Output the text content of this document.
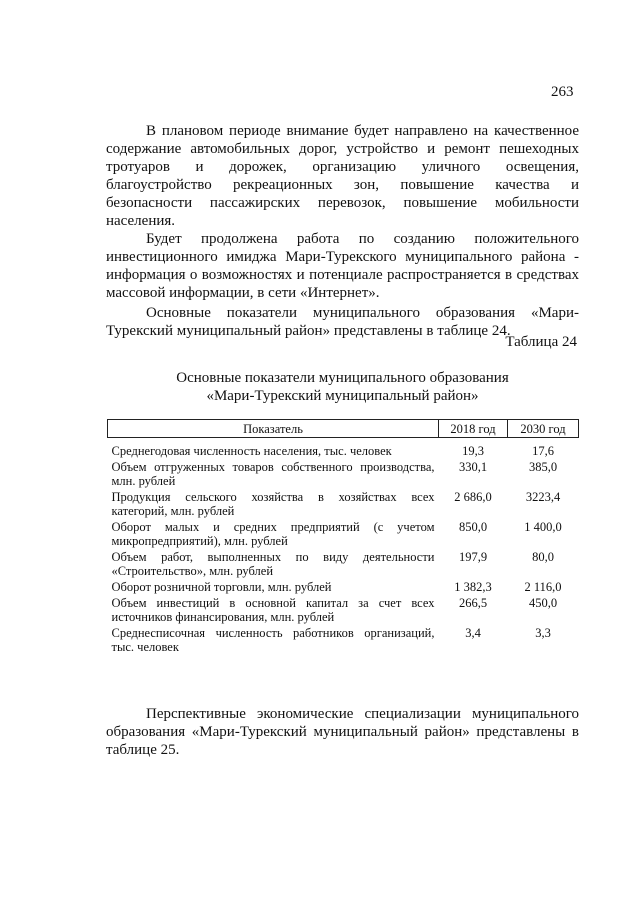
263

В плановом периоде внимание будет направлено на качественное содержание автомобильных дорог, устройство и ремонт пешеходных тротуаров и дорожек, организацию уличного освещения, благоустройство рекреационных зон, повышение качества и безопасности пассажирских перевозок, повышение мобильности населения.

Будет продолжена работа по созданию положительного инвестиционного имиджа Мари-Турекского муниципального района - информация о возможностях и потенциале распространяется в средствах массовой информации, в сети «Интернет».

Основные показатели муниципального образования «Мари-Турекский муниципальный район» представлены в таблице 24.

Таблица 24
Основные показатели муниципального образования
«Мари-Турекский муниципальный район»
Показатель	2018 год	2030 год
Среднегодовая численность населения, тыс. человек	19,3	17,6
Объем отгруженных товаров собственного производства, млн. рублей	330,1	385,0
Продукция сельского хозяйства в хозяйствах всех категорий, млн. рублей	2 686,0	3223,4
Оборот малых и средних предприятий (с учетом микропредприятий), млн. рублей	850,0	1 400,0
Объем работ, выполненных по виду деятельности «Строительство», млн. рублей	197,9	80,0
Оборот розничной торговли, млн. рублей	1 382,3	2 116,0
Объем инвестиций в основной капитал за счет всех источников финансирования, млн. рублей	266,5	450,0
Среднесписочная численность работников организаций, тыс. человек	3,4	3,3

Перспективные экономические специализации муниципального образования «Мари-Турекский муниципальный район» представлены в таблице 25.
